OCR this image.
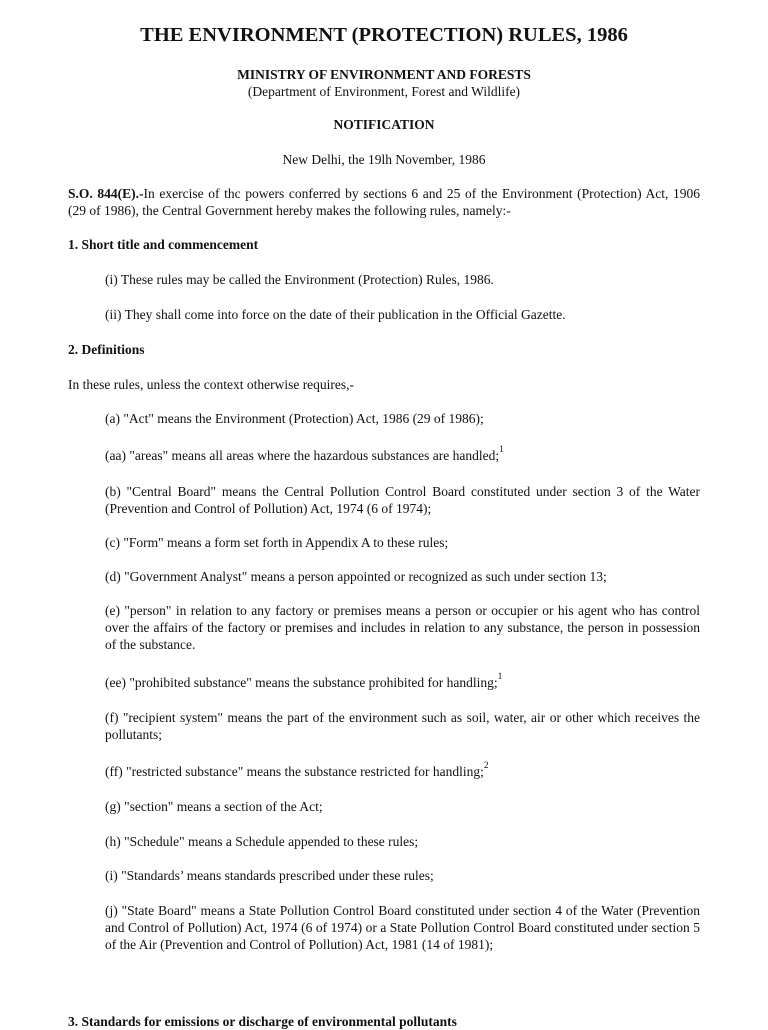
THE ENVIRONMENT (PROTECTION) RULES, 1986

MINISTRY OF ENVIRONMENT AND FORESTS

(Department of Environment, Forest and Wildlife)

NOTIFICATION

New Delhi, the 19lh November, 1986

S.O. 844(E).-In exercise of thc powers conferred by sections 6 and 25 of the Environment (Protection) Act, 1906 (29 of 1986), the Central Government hereby makes the following rules, namely:-

1. Short title and commencement

(i) These rules may be called the Environment (Protection) Rules, 1986.

(ii) They shall come into force on the date of their publication in the Official Gazette.

2. Definitions

In these rules, unless the context otherwise requires,-

(a) "Act" means the Environment (Protection) Act, 1986 (29 of 1986);

(aa) "areas" means all areas where the hazardous substances are handled;$^1$

(b) "Central Board" means the Central Pollution Control Board constituted under section 3 of the Water (Prevention and Control of Pollution) Act, 1974 (6 of 1974);

(c) "Form" means a form set forth in Appendix A to these rules;

(d) "Government Analyst" means a person appointed or recognized as such under section 13;

(e) "person" in relation to any factory or premises means a person or occupier or his agent who has control over the affairs of the factory or premises and includes in relation to any substance, the person in possession of the substance.

(ee) "prohibited substance" means the substance prohibited for handling;$^1$

(f) "recipient system" means the part of the environment such as soil, water, air or other which receives the pollutants;

(ff) "restricted substance" means the substance restricted for handling;$^2$

(g) "section" means a section of the Act;

(h) "Schedule" means a Schedule appended to these rules;

(i) "Standards’ means standards prescribed under these rules;

(j) "State Board" means a State Pollution Control Board constituted under section 4 of the Water (Prevention and Control of Pollution) Act, 1974 (6 of 1974) or a State Pollution Control Board constituted under section 5 of the Air (Prevention and Control of Pollution) Act, 1981 (14 of 1981);

3. Standards for emissions or discharge of environmental pollutants
